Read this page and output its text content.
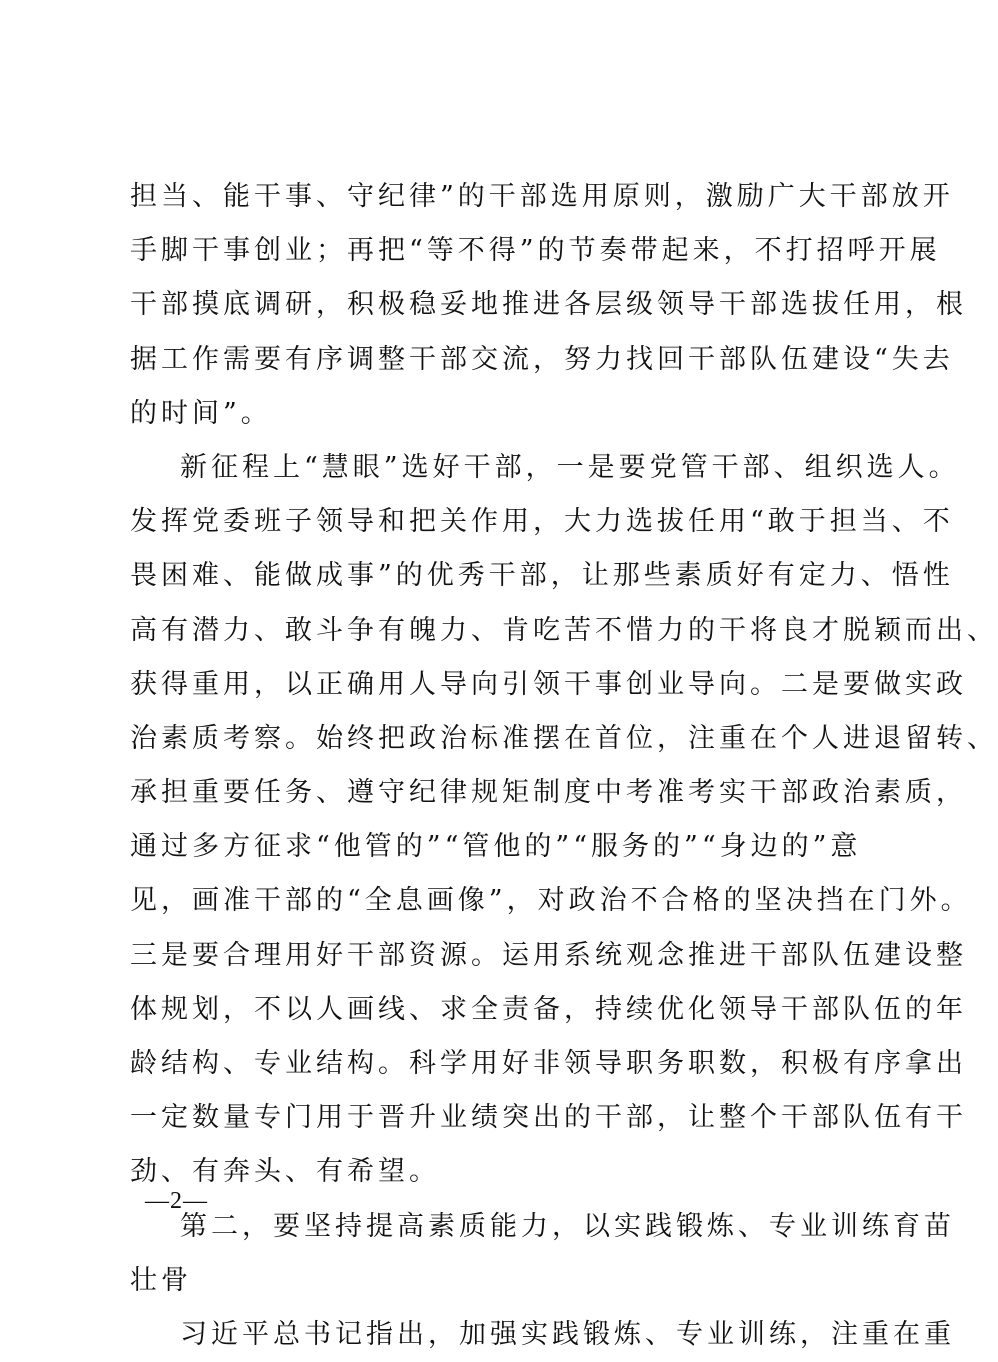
担当、能干事、守纪律”的干部选用原则，激励广大干部放开
手脚干事创业；再把“等不得”的节奏带起来，不打招呼开展
干部摸底调研，积极稳妥地推进各层级领导干部选拔任用，根
据工作需要有序调整干部交流，努力找回干部队伍建设“失去
的时间”。
新征程上“慧眼”选好干部，一是要党管干部、组织选人。
发挥党委班子领导和把关作用，大力选拔任用“敢于担当、不
畏困难、能做成事”的优秀干部，让那些素质好有定力、悟性
高有潜力、敢斗争有魄力、肯吃苦不惜力的干将良才脱颖而出、
获得重用，以正确用人导向引领干事创业导向。二是要做实政
治素质考察。始终把政治标准摆在首位，注重在个人进退留转、
承担重要任务、遵守纪律规矩制度中考准考实干部政治素质，
通过多方征求“他管的”“管他的”“服务的”“身边的”意
见，画准干部的“全息画像”，对政治不合格的坚决挡在门外。
三是要合理用好干部资源。运用系统观念推进干部队伍建设整
体规划，不以人画线、求全责备，持续优化领导干部队伍的年
龄结构、专业结构。科学用好非领导职务职数，积极有序拿出
一定数量专门用于晋升业绩突出的干部，让整个干部队伍有干
劲、有奔头、有希望。
第二，要坚持提高素质能力，以实践锻炼、专业训练育苗
壮骨
习近平总书记指出，加强实践锻炼、专业训练，注重在重
—2—
